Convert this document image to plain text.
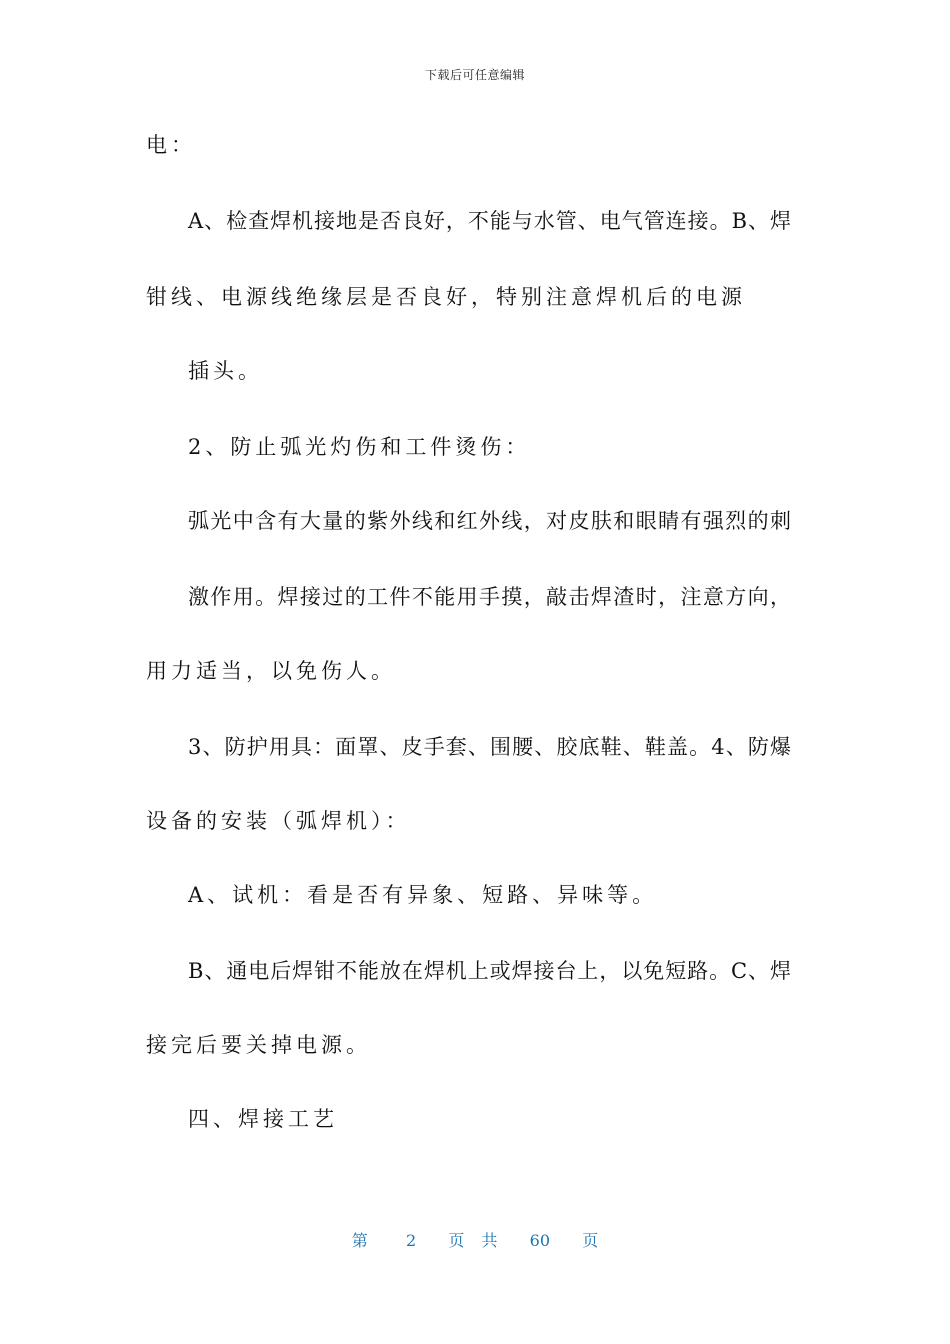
下载后可任意编辑
电：
A、检查焊机接地是否良好，不能与水管、电气管连接。B、焊
钳线、电源线绝缘层是否良好，特别注意焊机后的电源
插头。
2、防止弧光灼伤和工件烫伤：
弧光中含有大量的紫外线和红外线，对皮肤和眼睛有强烈的刺
激作用。焊接过的工件不能用手摸，敲击焊渣时，注意方向，
用力适当，以免伤人。
3、防护用具：面罩、皮手套、围腰、胶底鞋、鞋盖。4、防爆
设备的安装（弧焊机）：
A、试机：看是否有异象、短路、异味等。
B、通电后焊钳不能放在焊机上或焊接台上，以免短路。C、焊
接完后要关掉电源。
四、焊接工艺
第 2 页 共 60 页
